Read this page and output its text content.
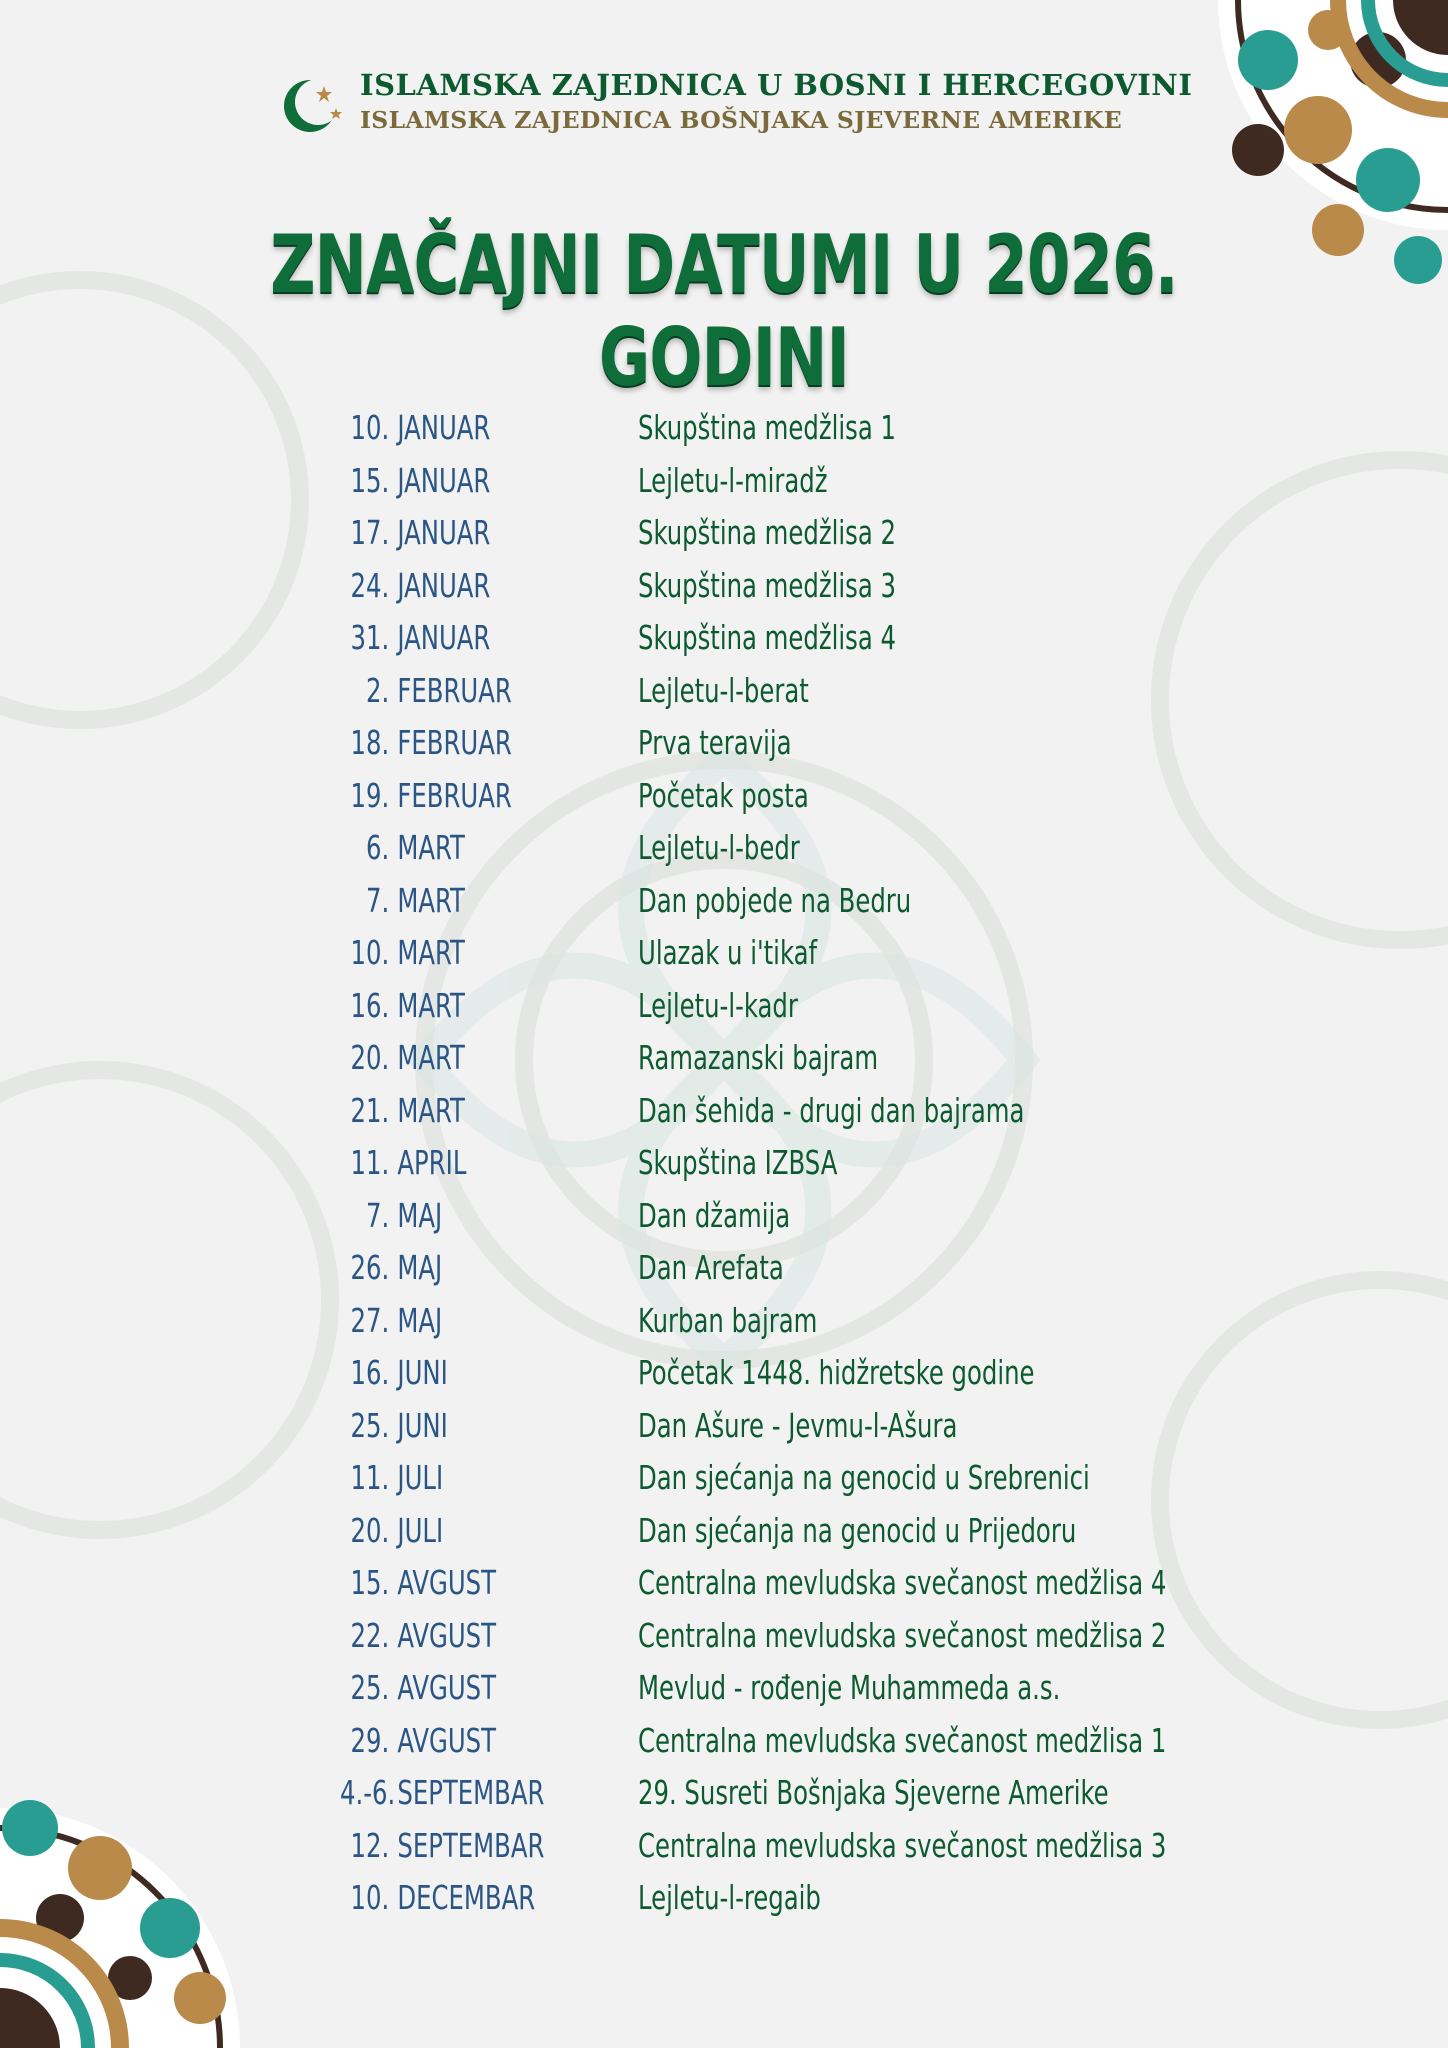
ISLAMSKA ZAJEDNICA U BOSNI I HERCEGOVINI

ISLAMSKA ZAJEDNICA BOŠNJAKA SJEVERNE AMERIKE

ZNAČAJNI DATUMI U 2026. GODINI
10. JANUAR	Skupština medžlisa 1
15. JANUAR	Lejletu-l-miradž
17. JANUAR	Skupština medžlisa 2
24. JANUAR	Skupština medžlisa 3
31. JANUAR	Skupština medžlisa 4
2. FEBRUAR	Lejletu-l-berat
18. FEBRUAR	Prva teravija
19. FEBRUAR	Početak posta
6. MART	Lejletu-l-bedr
7. MART	Dan pobjede na Bedru
10. MART	Ulazak u i'tikaf
16. MART	Lejletu-l-kadr
20. MART	Ramazanski bajram
21. MART	Dan šehida - drugi dan bajrama
11. APRIL	Skupština IZBSA
7. MAJ	Dan džamija
26. MAJ	Dan Arefata
27. MAJ	Kurban bajram
16. JUNI	Početak 1448. hidžretske godine
25. JUNI	Dan Ašure - Jevmu-l-Ašura
11. JULI	Dan sjećanja na genocid u Srebrenici
20. JULI	Dan sjećanja na genocid u Prijedoru
15. AVGUST	Centralna mevludska svečanost medžlisa 4
22. AVGUST	Centralna mevludska svečanost medžlisa 2
25. AVGUST	Mevlud - rođenje Muhammeda a.s.
29. AVGUST	Centralna mevludska svečanost medžlisa 1
4.-6.SEPTEMBAR	29. Susreti Bošnjaka Sjeverne Amerike
12. SEPTEMBAR	Centralna mevludska svečanost medžlisa 3
10. DECEMBAR	Lejletu-l-regaib
